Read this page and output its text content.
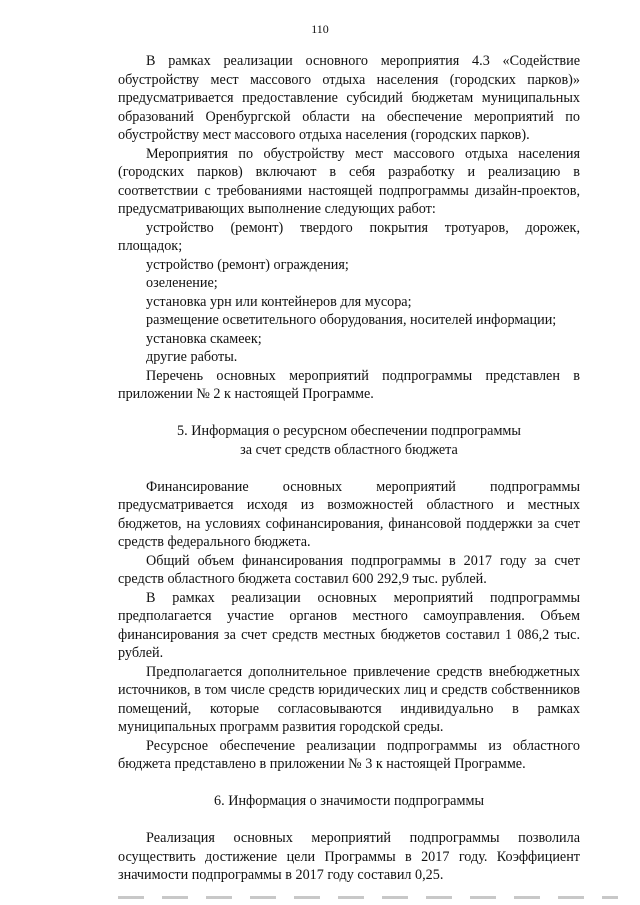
110

В рамках реализации основного мероприятия 4.3 «Содействие обустройству мест массового отдыха населения (городских парков)» предусматривается предоставление субсидий бюджетам муниципальных образований Оренбургской области на обеспечение мероприятий по обустройству мест массового отдыха населения (городских парков).

Мероприятия по обустройству мест массового отдыха населения (городских парков) включают в себя разработку и реализацию в соответствии с требованиями настоящей подпрограммы дизайн-проектов, предусматривающих выполнение следующих работ:

устройство (ремонт) твердого покрытия тротуаров, дорожек, площадок;

устройство (ремонт) ограждения;

озеленение;

установка урн или контейнеров для мусора;

размещение осветительного оборудования, носителей информации;

установка скамеек;

другие работы.

Перечень основных мероприятий подпрограммы представлен в приложении № 2 к настоящей Программе.

5. Информация о ресурсном обеспечении подпрограммы
за счет средств областного бюджета

Финансирование основных мероприятий подпрограммы предусматривается исходя из возможностей областного и местных бюджетов, на условиях софинансирования, финансовой поддержки за счет средств федерального бюджета.

Общий объем финансирования подпрограммы в 2017 году за счет средств областного бюджета составил 600 292,9 тыс. рублей.

В рамках реализации основных мероприятий подпрограммы предполагается участие органов местного самоуправления. Объем финансирования за счет средств местных бюджетов составил 1 086,2 тыс. рублей.

Предполагается дополнительное привлечение средств внебюджетных источников, в том числе средств юридических лиц и средств собственников помещений, которые согласовываются индивидуально в рамках муниципальных программ развития городской среды.

Ресурсное обеспечение реализации подпрограммы из областного бюджета представлено в приложении № 3 к настоящей Программе.

6. Информация о значимости подпрограммы

Реализация основных мероприятий подпрограммы позволила осуществить достижение цели Программы в 2017 году. Коэффициент значимости подпрограммы в 2017 году составил 0,25.
